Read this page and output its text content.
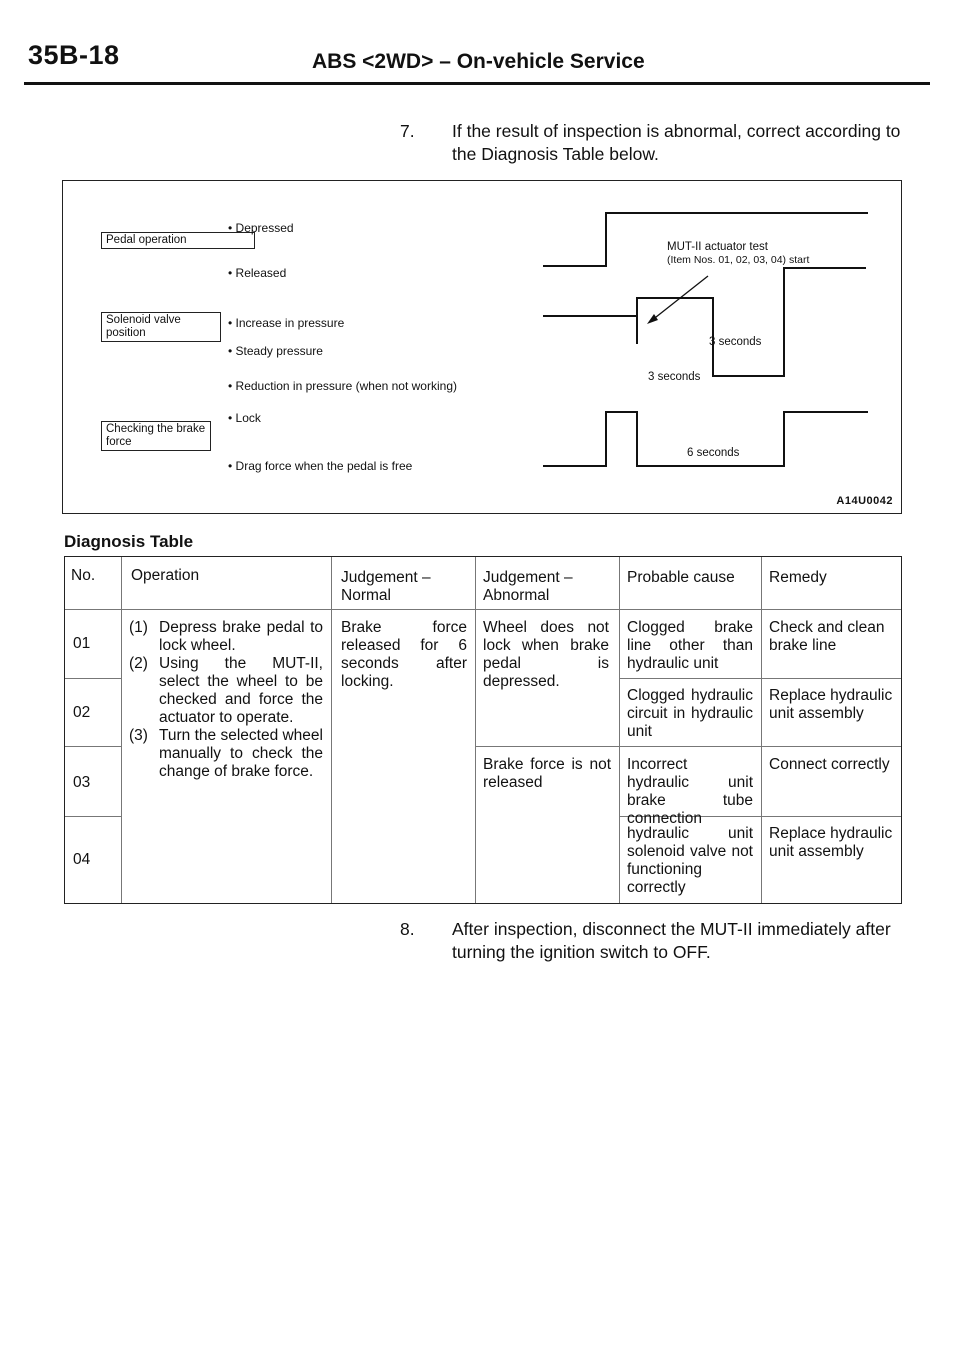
35B-18	ABS <2WD> – On-vehicle Service
7. If the result of inspection is abnormal, correct according to the Diagnosis Table below.
Pedal operation
• Depressed
• Released
Solenoid valve position
• Increase in pressure
• Steady pressure
• Reduction in pressure (when not working)
Checking the brake force
• Lock
• Drag force when the pedal is free
MUT-II actuator test
(Item Nos. 01, 02, 03, 04) start
3 seconds
3 seconds
6 seconds
A14U0042
Diagnosis Table
No. Operation	Judgement – Normal
Judgement – Abnormal
Probable cause Remedy
01
02
03
04
(1) Depress brake pedal to lock wheel.
(2) Using the MUT-II, select the wheel to be checked and force the actuator to operate.
(3) Turn the selected wheel manually to check the change of brake force.
Brake force released for 6 seconds after locking.
Wheel does not lock when brake pedal is depressed.
Brake force is not released
Clogged brake line other than hydraulic unit
Clogged hydraulic circuit in hydraulic unit
Incorrect hydraulic unit brake tube connection
hydraulic unit solenoid valve not functioning correctly
Check and clean brake line
Replace hydraulic unit assembly
Connect correctly
Replace hydraulic unit assembly
8. After inspection, disconnect the MUT-II immediately after turning the ignition switch to OFF.
